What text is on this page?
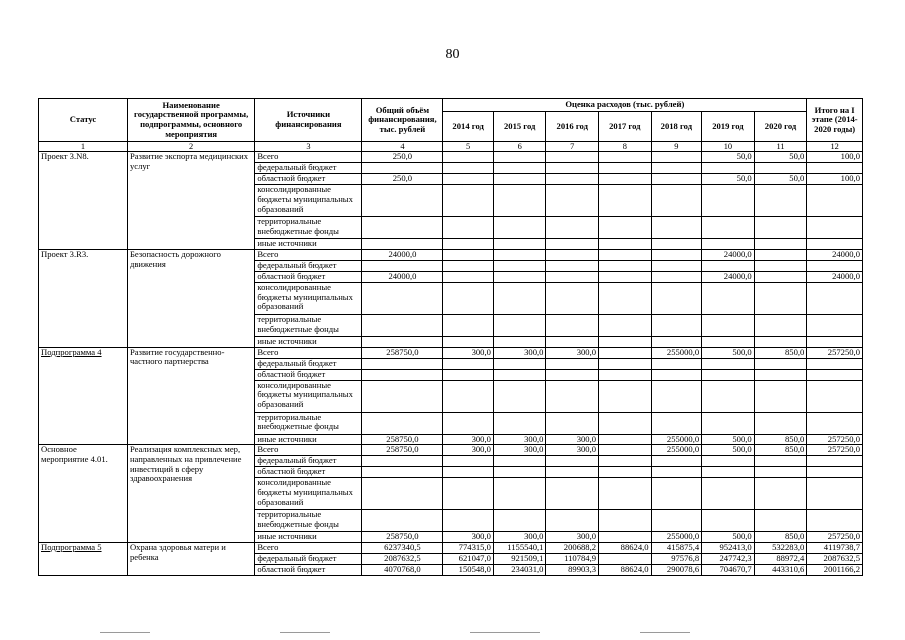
80
Статус	Наименование государственной программы, подпрограммы, основного мероприятия	Источники финансирования	Общий объём финансирования, тыс. рублей	Оценка расходов (тыс. рублей)							Итого на I этапе (2014-2020 годы)
				2014 год	2015 год	2016 год	2017 год	2018 год	2019 год	2020 год	
1	2	3	4	5	6	7	8	9	10	11	12
Проект 3.N8.	Развитие экспорта медицинских услуг	Всего	250,0						50,0	50,0	100,0
		федеральный бюджет									
		областной бюджет	250,0						50,0	50,0	100,0
		консолидированные бюджеты муниципальных образований									
		территориальные внебюджетные фонды									
		иные источники									
Проект 3.R3.	Безопасность дорожного движения	Всего	24000,0						24000,0		24000,0
		федеральный бюджет									
		областной бюджет	24000,0						24000,0		24000,0
		консолидированные бюджеты муниципальных образований									
		территориальные внебюджетные фонды									
		иные источники									
Подпрограмма 4	Развитие государственно-частного партнерства	Всего	258750,0	300,0	300,0	300,0		255000,0	500,0	850,0	257250,0
		федеральный бюджет									
		областной бюджет									
		консолидированные бюджеты муниципальных образований									
		территориальные внебюджетные фонды									
		иные источники	258750,0	300,0	300,0	300,0		255000,0	500,0	850,0	257250,0
Основное мероприятие 4.01.	Реализация комплексных мер, направленных на привлечение инвестиций в сферу здравоохранения	Всего	258750,0	300,0	300,0	300,0		255000,0	500,0	850,0	257250,0
		федеральный бюджет									
		областной бюджет									
		консолидированные бюджеты муниципальных образований									
		территориальные внебюджетные фонды									
		иные источники	258750,0	300,0	300,0	300,0		255000,0	500,0	850,0	257250,0
Подпрограмма 5	Охрана здоровья матери и ребенка	Всего	6237340,5	774315,0	1155540,1	200688,2	88624,0	415875,4	952413,0	532283,0	4119738,7
		федеральный бюджет	2087632,5	621047,0	921509,1	110784,9		97576,8	247742,3	88972,4	2087632,5
		областной бюджет	4070768,0	150548,0	234031,0	89903,3	88624,0	290078,6	704670,7	443310,6	2001166,2
